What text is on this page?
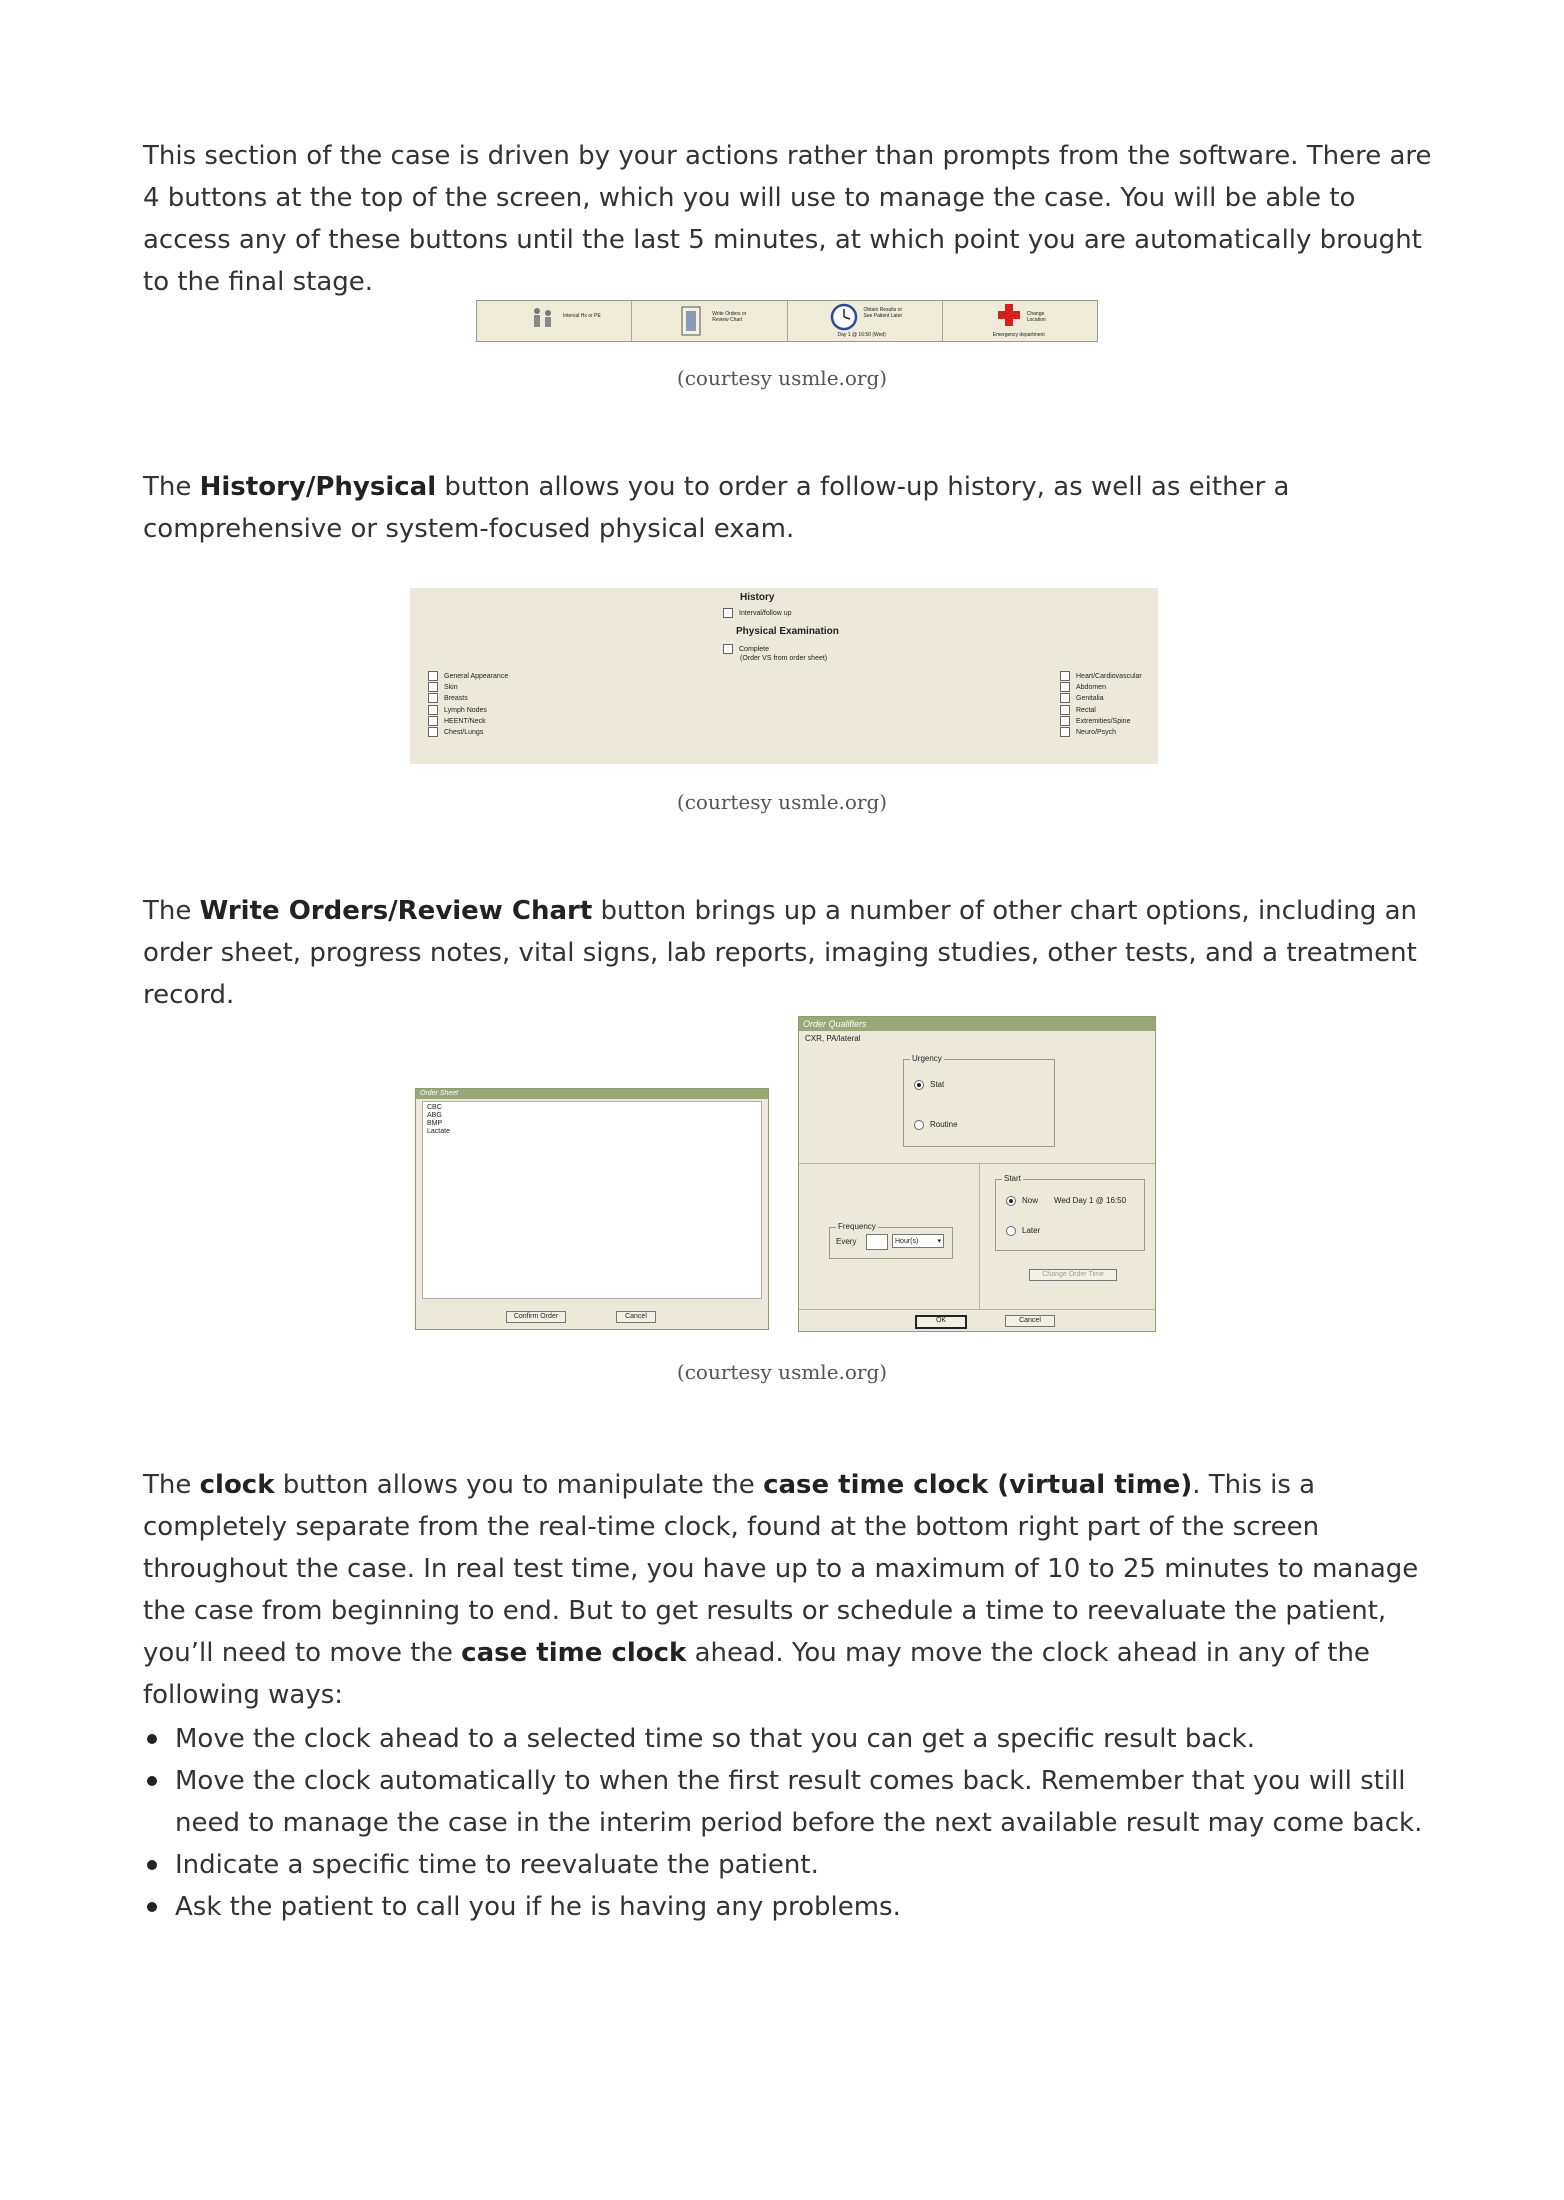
This section of the case is driven by your actions rather than prompts from the software. There are 4 buttons at the top of the screen, which you will use to manage the case. You will be able to access any of these buttons until the last 5 minutes, at which point you are automatically brought to the final stage.

Interval Hx or PE	Write Orders or Review Chart
Obtain Results or See Patient Later
Day 1 @ 16:50 (Wed)
Change Location
Emergency department
(courtesy usmle.org)

The History/Physical button allows you to order a follow-up history, as well as either a comprehensive or system-focused physical exam.

History
Interval/follow up
Physical Examination
Complete
(Order VS from order sheet)
General Appearance
Skin
Breasts
Lymph Nodes
HEENT/Neck
Chest/Lungs
Heart/Cardiovascular
Abdomen
Genitalia
Rectal
Extremities/Spine
Neuro/Psych
(courtesy usmle.org)

The Write Orders/Review Chart button brings up a number of other chart options, including an order sheet, progress notes, vital signs, lab reports, imaging studies, other tests, and a treatment record.

Order Sheet
CBC
ABG
BMP
Lactate
Confirm Order	Cancel
Order Qualifiers
CXR, PA/lateral
Urgency
Stat
Routine
Frequency
Every	Hour(s)	▾
Start
Now Wed Day 1 @ 16:50
Later
Change Order Time
OK	Cancel
(courtesy usmle.org)

The clock button allows you to manipulate the case time clock (virtual time). This is a completely separate from the real-time clock, found at the bottom right part of the screen throughout the case. In real test time, you have up to a maximum of 10 to 25 minutes to manage the case from beginning to end. But to get results or schedule a time to reevaluate the patient, you’ll need to move the case time clock ahead. You may move the clock ahead in any of the following ways:

Move the clock ahead to a selected time so that you can get a specific result back.
Move the clock automatically to when the first result comes back. Remember that you will still need to manage the case in the interim period before the next available result may come back.
Indicate a specific time to reevaluate the patient.
Ask the patient to call you if he is having any problems.
